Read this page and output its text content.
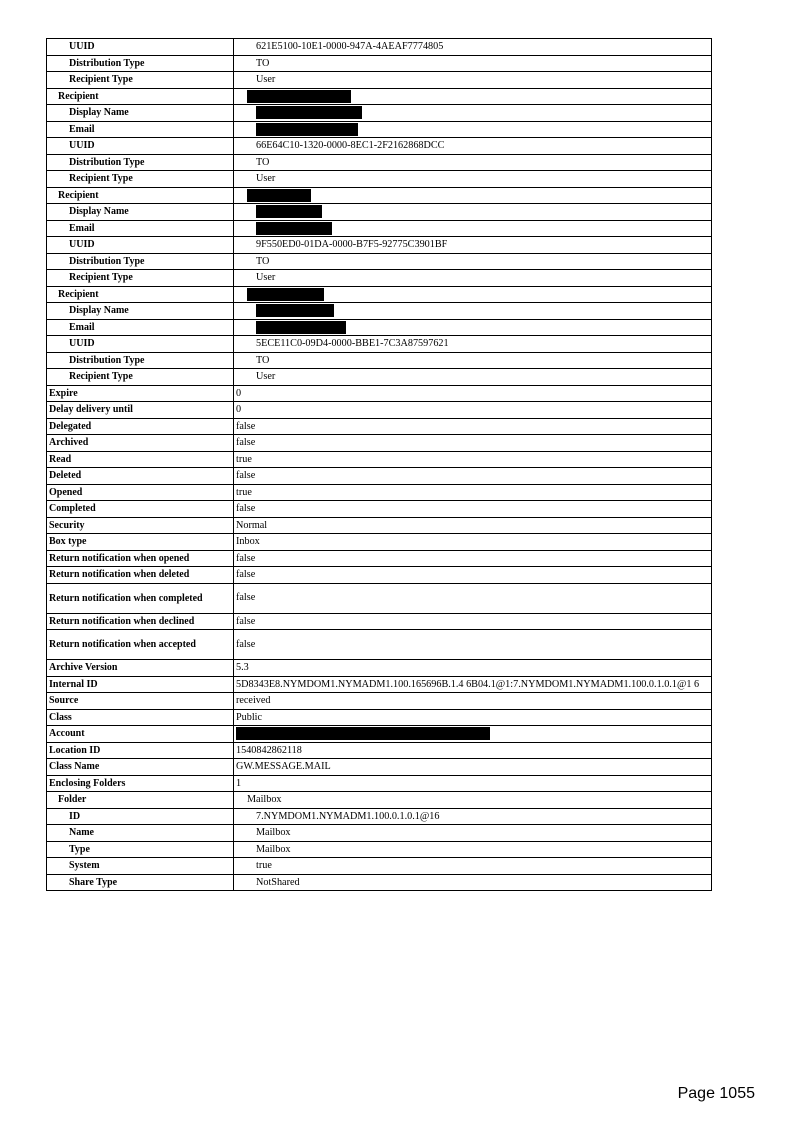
UUID	621E5100-10E1-0000-947A-4AEAF7774805
Distribution Type	TO
Recipient Type	User
Recipient	
Display Name	
Email	
UUID	66E64C10-1320-0000-8EC1-2F2162868DCC
Distribution Type	TO
Recipient Type	User
Recipient	
Display Name	
Email	
UUID	9F550ED0-01DA-0000-B7F5-92775C3901BF
Distribution Type	TO
Recipient Type	User
Recipient	
Display Name	
Email	
UUID	5ECE11C0-09D4-0000-BBE1-7C3A87597621
Distribution Type	TO
Recipient Type	User
Expire	0
Delay delivery until	0
Delegated	false
Archived	false
Read	true
Deleted	false
Opened	true
Completed	false
Security	Normal
Box type	Inbox
Return notification when opened	false
Return notification when deleted	false
Return notification when completed	false
Return notification when declined	false
Return notification when accepted	false
Archive Version	5.3
Internal ID	5D8343E8.NYMDOM1.NYMADM1.100.165696B.1.4 6B04.1@1:7.NYMDOM1.NYMADM1.100.0.1.0.1@1 6
Source	received
Class	Public
Account	
Location ID	1540842862118
Class Name	GW.MESSAGE.MAIL
Enclosing Folders	1
Folder	Mailbox
ID	7.NYMDOM1.NYMADM1.100.0.1.0.1@16
Name	Mailbox
Type	Mailbox
System	true
Share Type	NotShared
Page 1055
